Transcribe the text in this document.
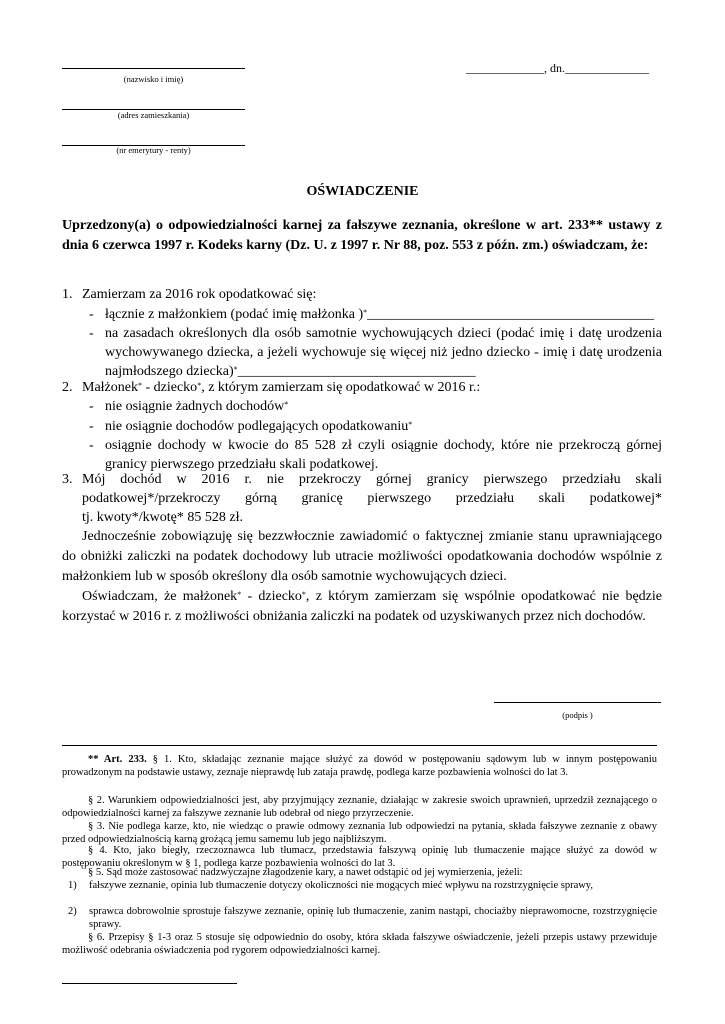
(nazwisko i imię)
(adres zamieszkania)
(nr emerytury - renty)
_____________, dn.______________
OŚWIADCZENIE
Uprzedzony(a) o odpowiedzialności karnej za fałszywe zeznania, określone w art. 233** ustawy z dnia 6 czerwca 1997 r. Kodeks karny (Dz. U. z 1997 r. Nr 88, poz. 553 z późn. zm.) oświadczam, że:
1. Zamierzam za 2016 rok opodatkować się:
- łącznie z małżonkiem (podać imię małżonka )*_________________________________________
- na zasadach określonych dla osób samotnie wychowujących dzieci (podać imię i datę urodzenia wychowywanego dziecka, a jeżeli wychowuje się więcej niż jedno dziecko - imię i datę urodzenia najmłodszego dziecka)*__________________________________
2. Małżonek* - dziecko*, z którym zamierzam się opodatkować w 2016 r.:
- nie osiągnie żadnych dochodów*
- nie osiągnie dochodów podlegających opodatkowaniu*
- osiągnie dochody w kwocie do 85 528 zł czyli osiągnie dochody, które nie przekroczą górnej granicy pierwszego przedziału skali podatkowej.
3. Mój dochód w 2016 r. nie przekroczy górnej granicy pierwszego przedziału skali
podatkowej*/przekroczy górną granicę pierwszego przedziału skali podatkowej*
tj. kwoty*/kwotę* 85 528 zł.
Jednocześnie zobowiązuję się bezzwłocznie zawiadomić o faktycznej zmianie stanu uprawniającego do obniżki zaliczki na podatek dochodowy lub utracie możliwości opodatkowania dochodów wspólnie z małżonkiem lub w sposób określony dla osób samotnie wychowujących dzieci.
Oświadczam, że małżonek* - dziecko*, z którym zamierzam się wspólnie opodatkować nie będzie korzystać w 2016 r. z możliwości obniżania zaliczki na podatek od uzyskiwanych przez nich dochodów.
(podpis )
** Art. 233. § 1. Kto, składając zeznanie mające służyć za dowód w postępowaniu sądowym lub w innym postępowaniu prowadzonym na podstawie ustawy, zeznaje nieprawdę lub zataja prawdę, podlega karze pozbawienia wolności do lat 3.
§ 2. Warunkiem odpowiedzialności jest, aby przyjmujący zeznanie, działając w zakresie swoich uprawnień, uprzedził zeznającego o odpowiedzialności karnej za fałszywe zeznanie lub odebrał od niego przyrzeczenie.
§ 3. Nie podlega karze, kto, nie wiedząc o prawie odmowy zeznania lub odpowiedzi na pytania, składa fałszywe zeznanie z obawy przed odpowiedzialnością karną grożącą jemu samemu lub jego najbliższym.
§ 4. Kto, jako biegły, rzeczoznawca lub tłumacz, przedstawia fałszywą opinię lub tłumaczenie mające służyć za dowód w postępowaniu określonym w § 1, podlega karze pozbawienia wolności do lat 3.
§ 5. Sąd może zastosować nadzwyczajne złagodzenie kary, a nawet odstąpić od jej wymierzenia, jeżeli:
1) fałszywe zeznanie, opinia lub tłumaczenie dotyczy okoliczności nie mogących mieć wpływu na rozstrzygnięcie sprawy,
2) sprawca dobrowolnie sprostuje fałszywe zeznanie, opinię lub tłumaczenie, zanim nastąpi, chociażby nieprawomocne, rozstrzygnięcie sprawy.
§ 6. Przepisy § 1-3 oraz 5 stosuje się odpowiednio do osoby, która składa fałszywe oświadczenie, jeżeli przepis ustawy przewiduje możliwość odebrania oświadczenia pod rygorem odpowiedzialności karnej.
